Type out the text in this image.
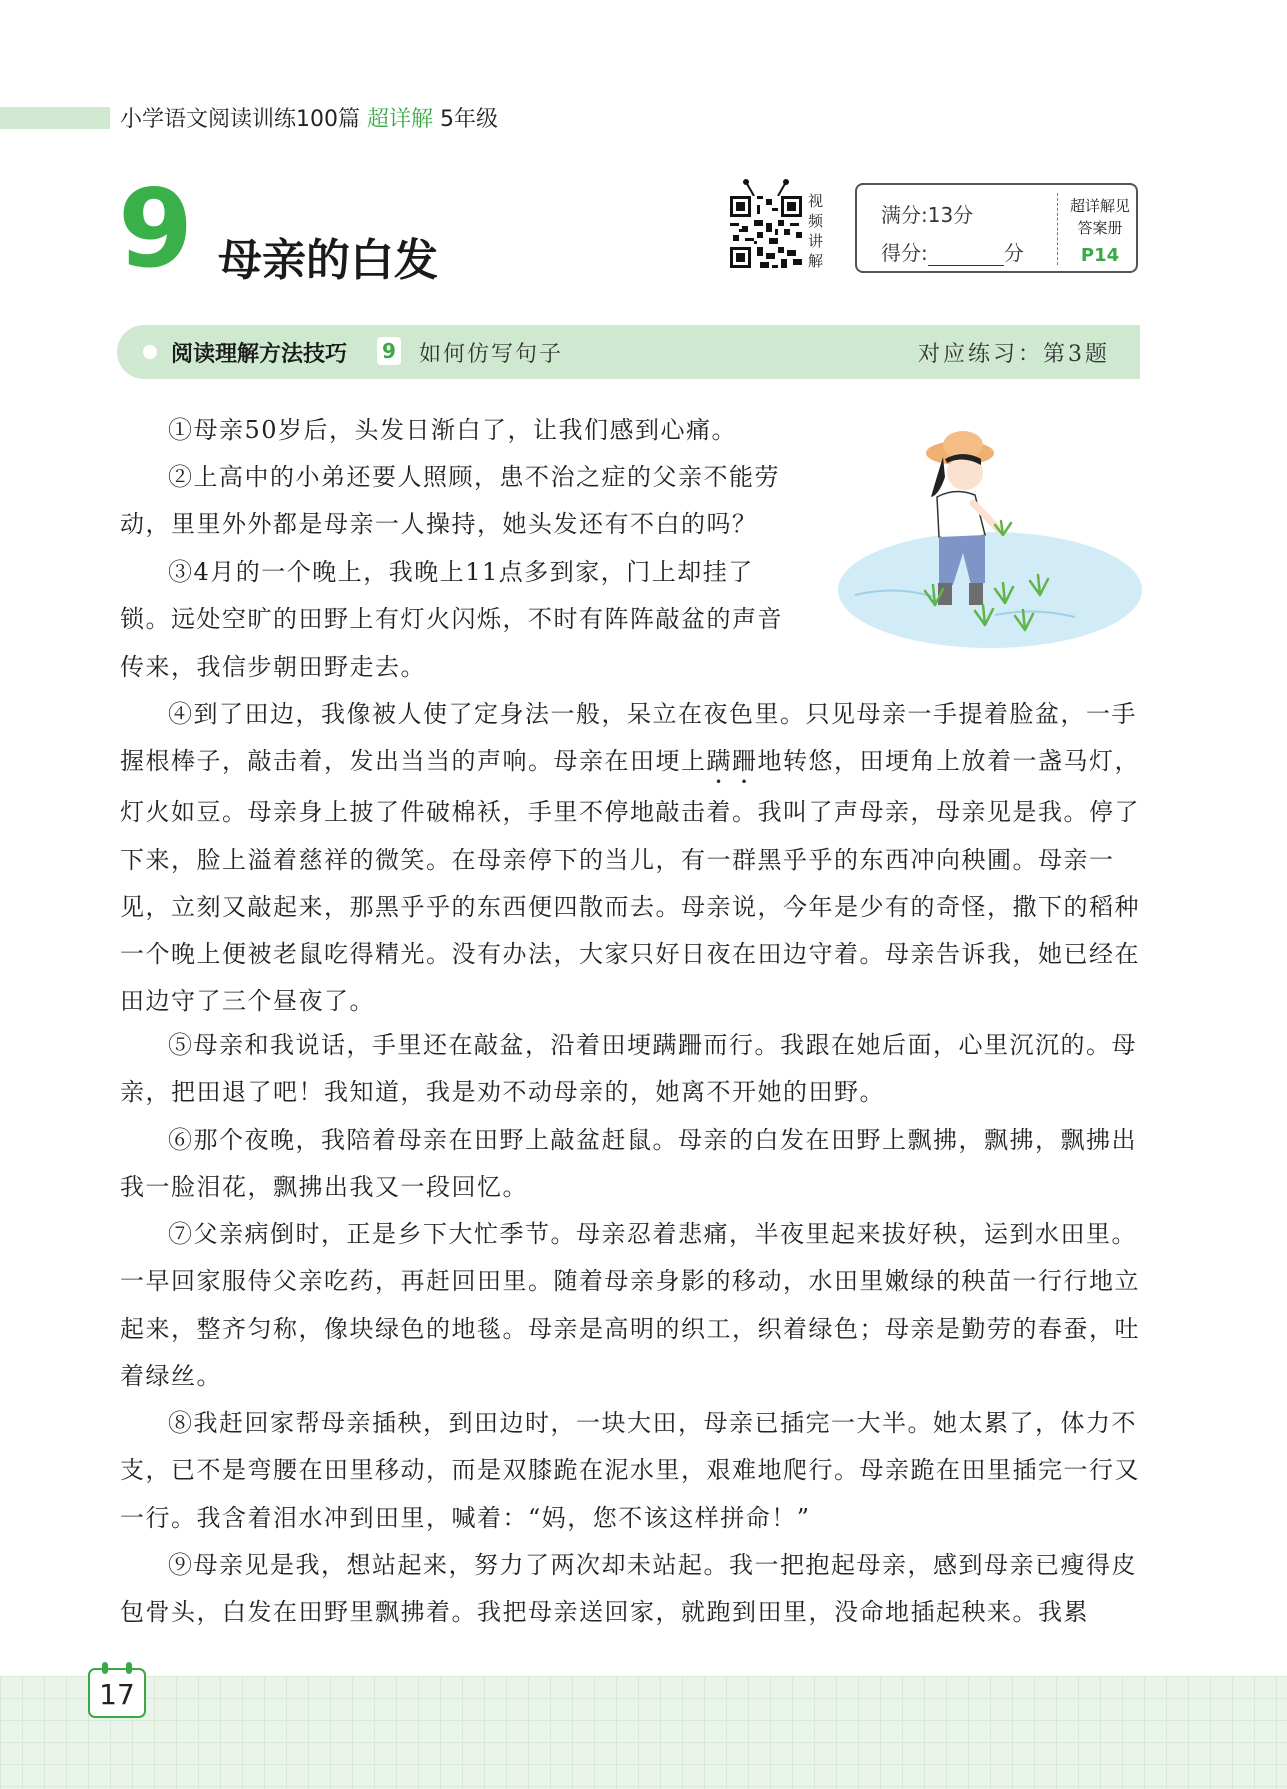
小学语文阅读训练100篇 超详解 5年级
9 母亲的白发
视频讲解
满分:13分
得分:	分
超详解见
答案册
P14
阅读理解方法技巧 9 如何仿写句子	对应练习：第3题

①母亲50岁后，头发日渐白了，让我们感到心痛。

②上高中的小弟还要人照顾，患不治之症的父亲不能劳动，里里外外都是母亲一人操持，她头发还有不白的吗？

③4月的一个晚上，我晚上11点多到家，门上却挂了锁。远处空旷的田野上有灯火闪烁，不时有阵阵敲盆的声音传来，我信步朝田野走去。

④到了田边，我像被人使了定身法一般，呆立在夜色里。只见母亲一手提着脸盆，一手握根棒子，敲击着，发出当当的声响。母亲在田埂上蹒跚地转悠，田埂角上放着一盏马灯，灯火如豆。母亲身上披了件破棉袄，手里不停地敲击着。我叫了声母亲，母亲见是我。停了下来，脸上溢着慈祥的微笑。在母亲停下的当儿，有一群黑乎乎的东西冲向秧圃。母亲一见，立刻又敲起来，那黑乎乎的东西便四散而去。母亲说，今年是少有的奇怪，撒下的稻种一个晚上便被老鼠吃得精光。没有办法，大家只好日夜在田边守着。母亲告诉我，她已经在田边守了三个昼夜了。

⑤母亲和我说话，手里还在敲盆，沿着田埂蹒跚而行。我跟在她后面，心里沉沉的。母亲，把田退了吧！我知道，我是劝不动母亲的，她离不开她的田野。

⑥那个夜晚，我陪着母亲在田野上敲盆赶鼠。母亲的白发在田野上飘拂，飘拂，飘拂出我一脸泪花，飘拂出我又一段回忆。

⑦父亲病倒时，正是乡下大忙季节。母亲忍着悲痛，半夜里起来拔好秧，运到水田里。一早回家服侍父亲吃药，再赶回田里。随着母亲身影的移动，水田里嫩绿的秧苗一行行地立起来，整齐匀称，像块绿色的地毯。母亲是高明的织工，织着绿色；母亲是勤劳的春蚕，吐着绿丝。

⑧我赶回家帮母亲插秧，到田边时，一块大田，母亲已插完一大半。她太累了，体力不支，已不是弯腰在田里移动，而是双膝跪在泥水里，艰难地爬行。母亲跪在田里插完一行又一行。我含着泪水冲到田里，喊着：“妈，您不该这样拼命！”

⑨母亲见是我，想站起来，努力了两次却未站起。我一把抱起母亲，感到母亲已瘦得皮包骨头，白发在田野里飘拂着。我把母亲送回家，就跑到田里，没命地插起秧来。我累

17
